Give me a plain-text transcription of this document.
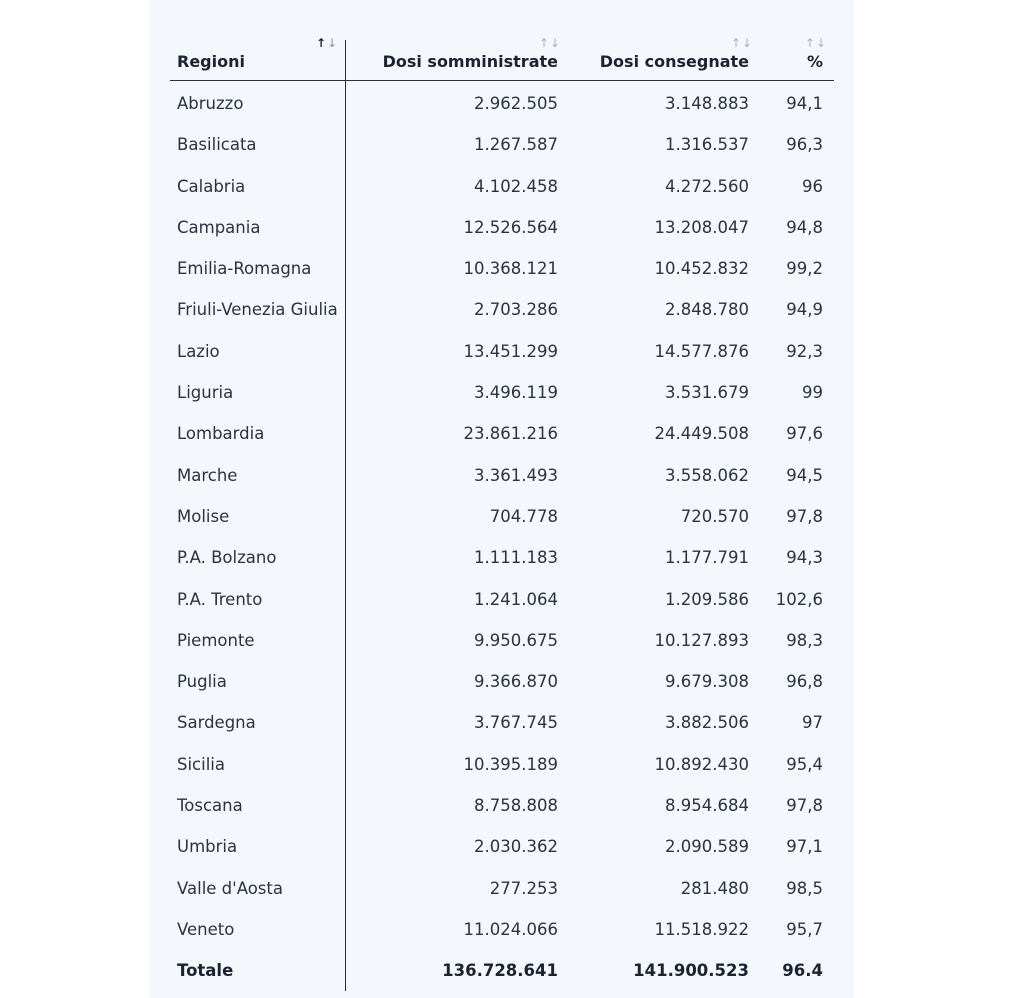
↑↓	↑↓	↑↓	↑↓
Regioni	Dosi somministrate	Dosi consegnate	%
Abruzzo	2.962.505	3.148.883 94,1
Basilicata	1.267.587	1.316.537 96,3
Calabria	4.102.458	4.272.560	96
Campania	12.526.564	13.208.047 94,8
Emilia-Romagna	10.368.121	10.452.832 99,2
Friuli-Venezia Giulia	2.703.286	2.848.780 94,9
Lazio	13.451.299	14.577.876 92,3
Liguria	3.496.119	3.531.679	99
Lombardia	23.861.216	24.449.508 97,6
Marche	3.361.493	3.558.062 94,5
Molise	704.778	720.570 97,8
P.A. Bolzano	1.111.183	1.177.791 94,3
P.A. Trento	1.241.064	1.209.586 102,6
Piemonte	9.950.675	10.127.893 98,3
Puglia	9.366.870	9.679.308 96,8
Sardegna	3.767.745	3.882.506	97
Sicilia	10.395.189	10.892.430 95,4
Toscana	8.758.808	8.954.684 97,8
Umbria	2.030.362	2.090.589 97,1
Valle d'Aosta	277.253	281.480 98,5
Veneto	11.024.066	11.518.922 95,7
Totale	136.728.641	141.900.523 96.4
